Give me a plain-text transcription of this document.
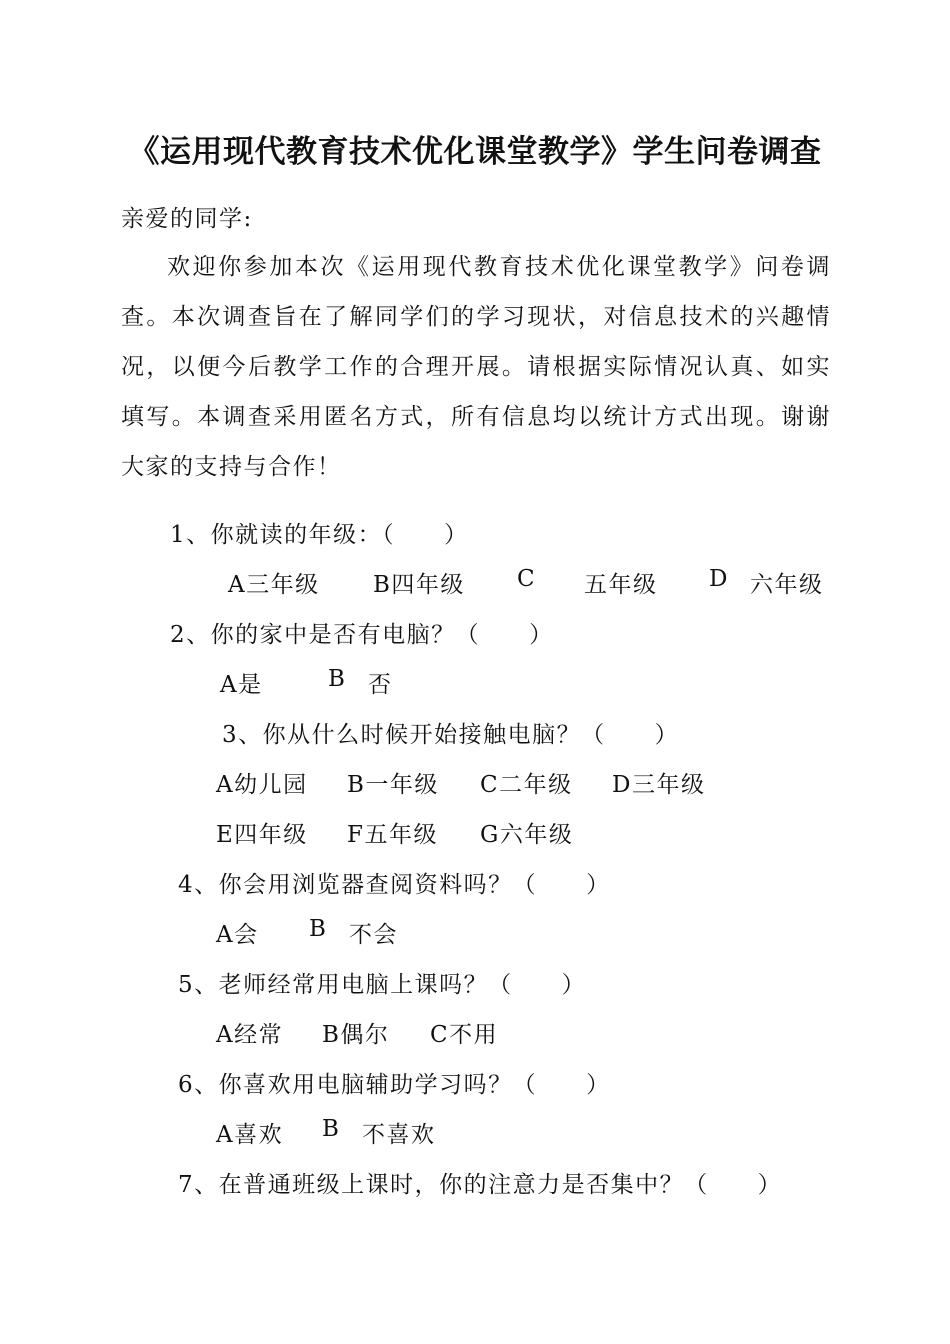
《运用现代教育技术优化课堂教学》学生问卷调查
亲爱的同学:
欢迎你参加本次《运用现代教育技术优化课堂教学》问卷调查。本次调查旨在了解同学们的学习现状，对信息技术的兴趣情况，以便今后教学工作的合理开展。请根据实际情况认真、如实填写。本调查采用匿名方式，所有信息均以统计方式出现。谢谢大家的支持与合作！
1、你就读的年级：（　　）
A三年级 B四年级 C 五年级 D 六年级
2、你的家中是否有电脑？（　　）
A是	B 否
3、你从什么时候开始接触电脑？（　　）
A幼儿园 B一年级 C二年级 D三年级
E四年级 F五年级 G六年级
4、你会用浏览器查阅资料吗？（　　）
A会 B 不会
5、老师经常用电脑上课吗？（　　）
A经常 B偶尔 C不用
6、你喜欢用电脑辅助学习吗？（　　）
A喜欢 B 不喜欢
7、在普通班级上课时，你的注意力是否集中？（　　）
